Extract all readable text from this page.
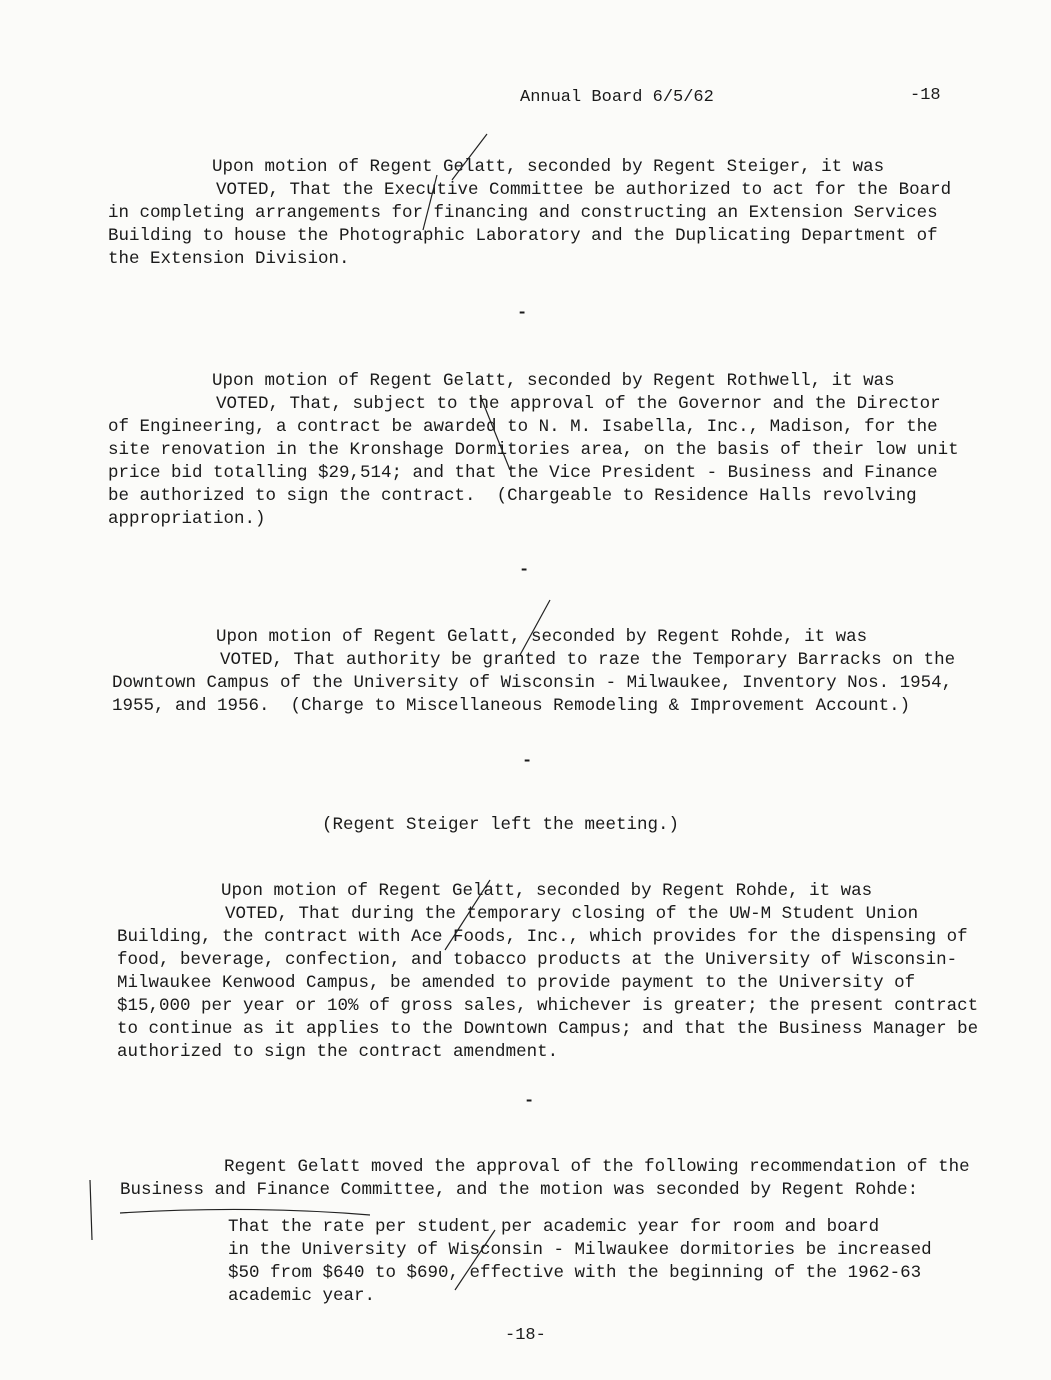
Annual Board 6/5/62	-18
Upon motion of Regent Gelatt, seconded by Regent Steiger, it was
VOTED, That the Executive Committee be authorized to act for the Board
in completing arrangements for financing and constructing an Extension Services
Building to house the Photographic Laboratory and the Duplicating Department of
the Extension Division.
-
Upon motion of Regent Gelatt, seconded by Regent Rothwell, it was
VOTED, That, subject to the approval of the Governor and the Director
of Engineering, a contract be awarded to N. M. Isabella, Inc., Madison, for the
site renovation in the Kronshage Dormitories area, on the basis of their low unit
price bid totalling $29,514; and that the Vice President - Business and Finance
be authorized to sign the contract.  (Chargeable to Residence Halls revolving
appropriation.)
-
Upon motion of Regent Gelatt, seconded by Regent Rohde, it was
VOTED, That authority be granted to raze the Temporary Barracks on the
Downtown Campus of the University of Wisconsin - Milwaukee, Inventory Nos. 1954,
1955, and 1956.  (Charge to Miscellaneous Remodeling & Improvement Account.)
-
(Regent Steiger left the meeting.)
Upon motion of Regent Gelatt, seconded by Regent Rohde, it was
VOTED, That during the temporary closing of the UW-M Student Union
Building, the contract with Ace Foods, Inc., which provides for the dispensing of
food, beverage, confection, and tobacco products at the University of Wisconsin-
Milwaukee Kenwood Campus, be amended to provide payment to the University of
$15,000 per year or 10% of gross sales, whichever is greater; the present contract
to continue as it applies to the Downtown Campus; and that the Business Manager be
authorized to sign the contract amendment.
-
Regent Gelatt moved the approval of the following recommendation of the
Business and Finance Committee, and the motion was seconded by Regent Rohde:
That the rate per student per academic year for room and board
in the University of Wisconsin - Milwaukee dormitories be increased
$50 from $640 to $690, effective with the beginning of the 1962-63
academic year.
-18-
